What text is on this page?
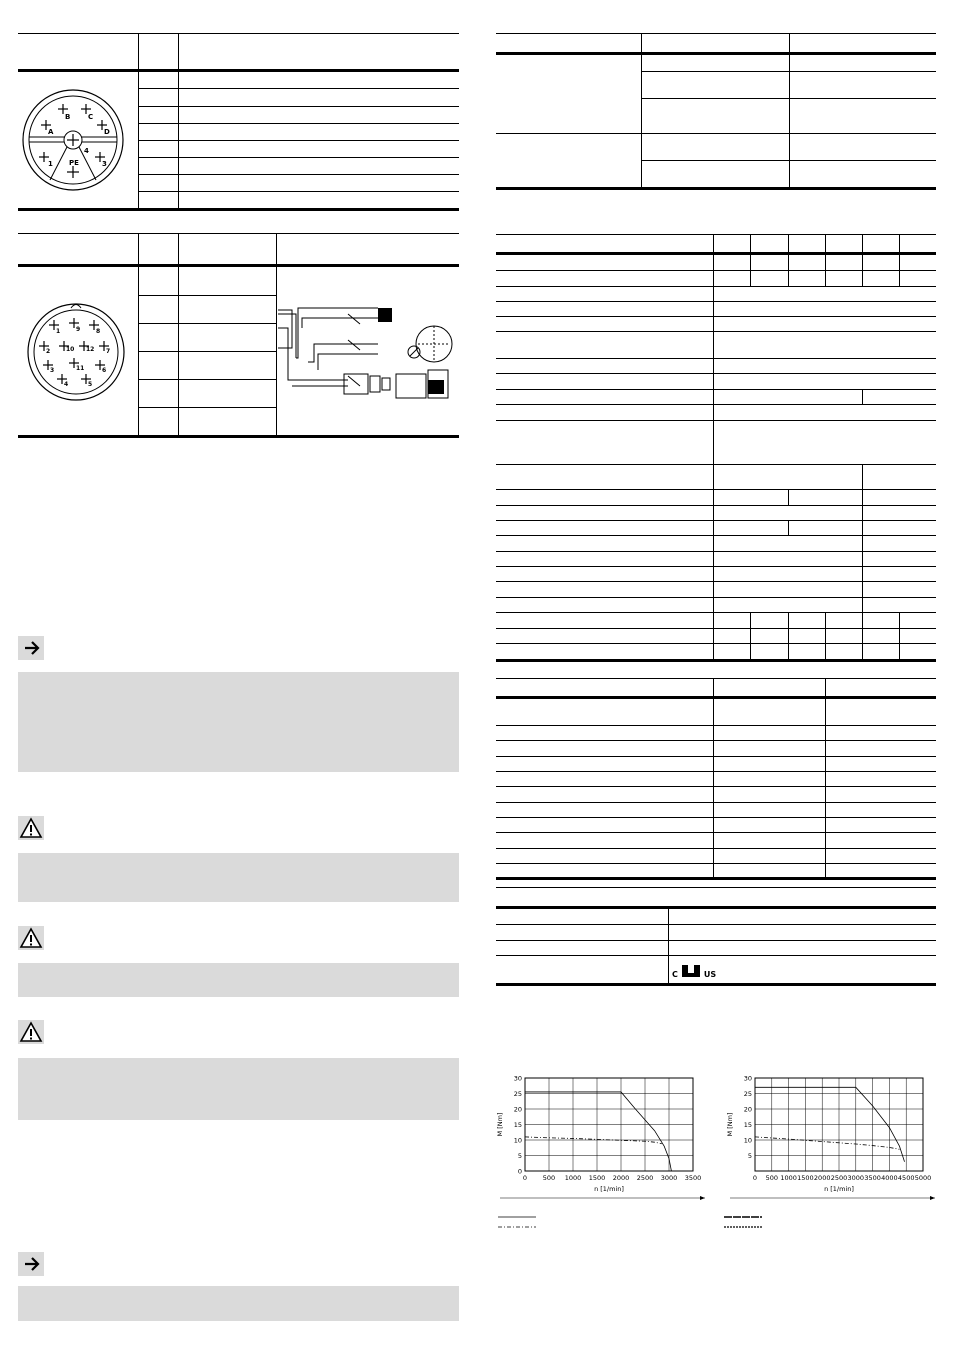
B	C
A	D
1 PE
4
3
1	9	8
2	10 12 7
3	11	6
4	5
C	US
0 500 1000 1500 2000 2500 3000 3500
0
5
10
15
20
25
30
n [1/min]
M [Nm]
0 500 1000 1500 2000 2500 3000 3500 4000 4500 5000
5
10
15
20
25
30
n [1/min]
M [Nm]
